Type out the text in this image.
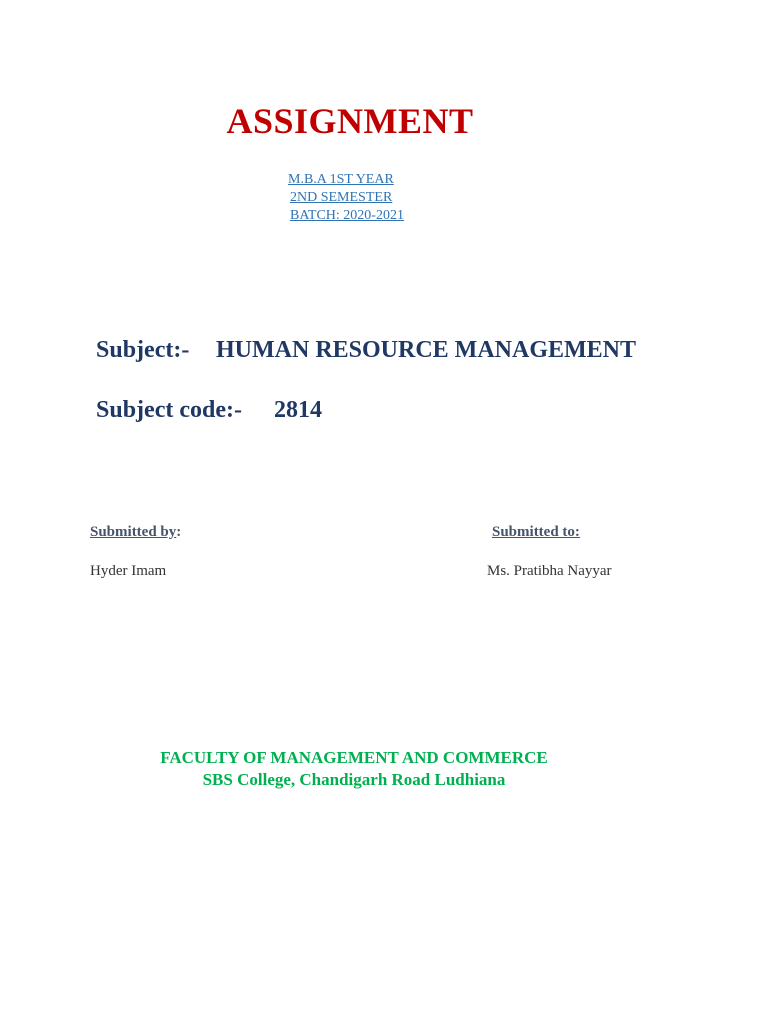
ASSIGNMENT
M.B.A 1ST YEAR
2ND SEMESTER
BATCH: 2020-2021
Subject:- HUMAN RESOURCE MANAGEMENT
Subject code:- 2814
Submitted by:	Submitted to:
Hyder Imam	Ms. Pratibha Nayyar
FACULTY OF MANAGEMENT AND COMMERCE
SBS College, Chandigarh Road Ludhiana
